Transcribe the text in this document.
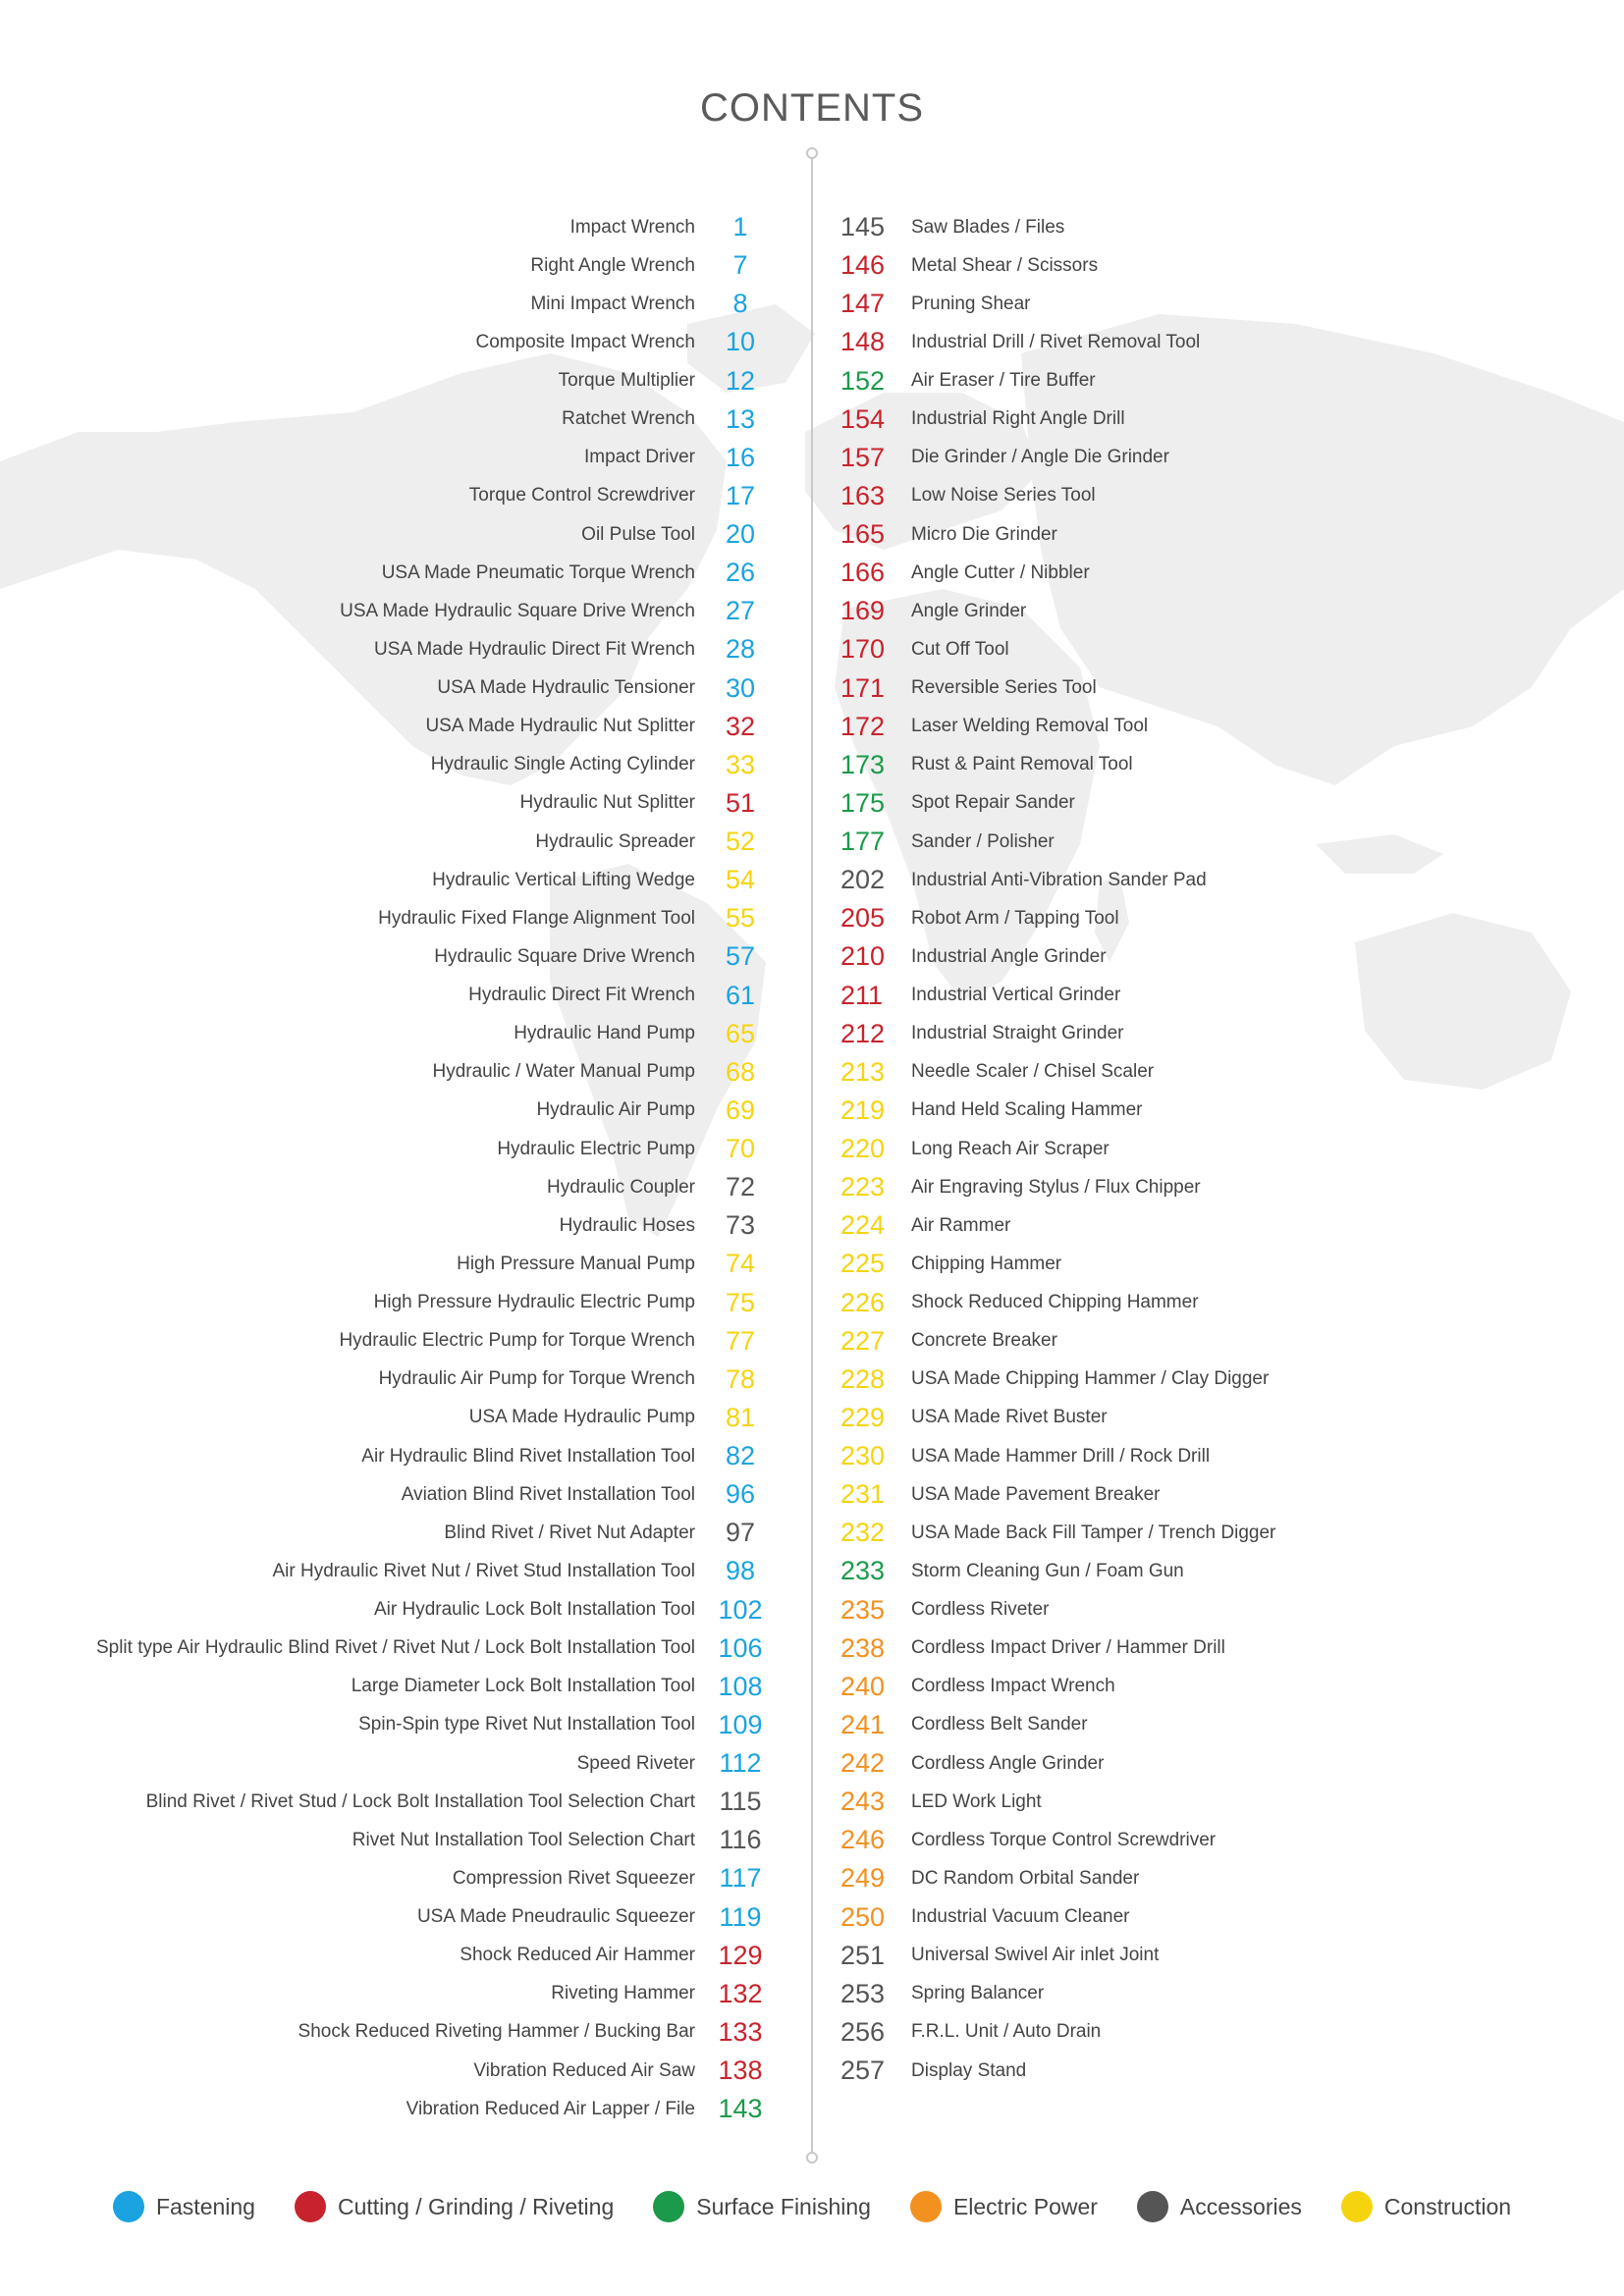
CONTENTS
Impact Wrench	1
Right Angle Wrench	7
Mini Impact Wrench	8
Composite Impact Wrench	10
Torque Multiplier	12
Ratchet Wrench	13
Impact Driver	16
Torque Control Screwdriver	17
Oil Pulse Tool	20
USA Made Pneumatic Torque Wrench	26
USA Made Hydraulic Square Drive Wrench	27
USA Made Hydraulic Direct Fit Wrench	28
USA Made Hydraulic Tensioner	30
USA Made Hydraulic Nut Splitter	32
Hydraulic Single Acting Cylinder	33
Hydraulic Nut Splitter	51
Hydraulic Spreader	52
Hydraulic Vertical Lifting Wedge	54
Hydraulic Fixed Flange Alignment Tool	55
Hydraulic Square Drive Wrench	57
Hydraulic Direct Fit Wrench	61
Hydraulic Hand Pump	65
Hydraulic / Water Manual Pump	68
Hydraulic Air Pump	69
Hydraulic Electric Pump	70
Hydraulic Coupler	72
Hydraulic Hoses	73
High Pressure Manual Pump	74
High Pressure Hydraulic Electric Pump	75
Hydraulic Electric Pump for Torque Wrench	77
Hydraulic Air Pump for Torque Wrench	78
USA Made Hydraulic Pump	81
Air Hydraulic Blind Rivet Installation Tool	82
Aviation Blind Rivet Installation Tool	96
Blind Rivet / Rivet Nut Adapter	97
Air Hydraulic Rivet Nut / Rivet Stud Installation Tool	98
Air Hydraulic Lock Bolt Installation Tool 102
Split type Air Hydraulic Blind Rivet / Rivet Nut / Lock Bolt Installation Tool 106
Large Diameter Lock Bolt Installation Tool 108
Spin-Spin type Rivet Nut Installation Tool 109
Speed Riveter 112
Blind Rivet / Rivet Stud / Lock Bolt Installation Tool Selection Chart 115
Rivet Nut Installation Tool Selection Chart 116
Compression Rivet Squeezer 117
USA Made Pneudraulic Squeezer 119
Shock Reduced Air Hammer 129
Riveting Hammer 132
Shock Reduced Riveting Hammer / Bucking Bar 133
Vibration Reduced Air Saw 138
Vibration Reduced Air Lapper / File 143
145	Saw Blades / Files
146	Metal Shear / Scissors
147	Pruning Shear
148	Industrial Drill / Rivet Removal Tool
152	Air Eraser / Tire Buffer
154	Industrial Right Angle Drill
157	Die Grinder / Angle Die Grinder
163	Low Noise Series Tool
165	Micro Die Grinder
166	Angle Cutter / Nibbler
169	Angle Grinder
170	Cut Off Tool
171	Reversible Series Tool
172	Laser Welding Removal Tool
173	Rust & Paint Removal Tool
175	Spot Repair Sander
177	Sander / Polisher
202	Industrial Anti-Vibration Sander Pad
205	Robot Arm / Tapping Tool
210	Industrial Angle Grinder
211	Industrial Vertical Grinder
212	Industrial Straight Grinder
213	Needle Scaler / Chisel Scaler
219	Hand Held Scaling Hammer
220	Long Reach Air Scraper
223	Air Engraving Stylus / Flux Chipper
224	Air Rammer
225	Chipping Hammer
226	Shock Reduced Chipping Hammer
227	Concrete Breaker
228	USA Made Chipping Hammer / Clay Digger
229	USA Made Rivet Buster
230	USA Made Hammer Drill / Rock Drill
231	USA Made Pavement Breaker
232	USA Made Back Fill Tamper / Trench Digger
233	Storm Cleaning Gun / Foam Gun
235	Cordless Riveter
238	Cordless Impact Driver / Hammer Drill
240	Cordless Impact Wrench
241	Cordless Belt Sander
242	Cordless Angle Grinder
243	LED Work Light
246	Cordless Torque Control Screwdriver
249	DC Random Orbital Sander
250	Industrial Vacuum Cleaner
251	Universal Swivel Air inlet Joint
253	Spring Balancer
256	F.R.L. Unit / Auto Drain
257	Display Stand
Fastening	Cutting / Grinding / Riveting	Surface Finishing	Electric Power	Accessories	Construction
